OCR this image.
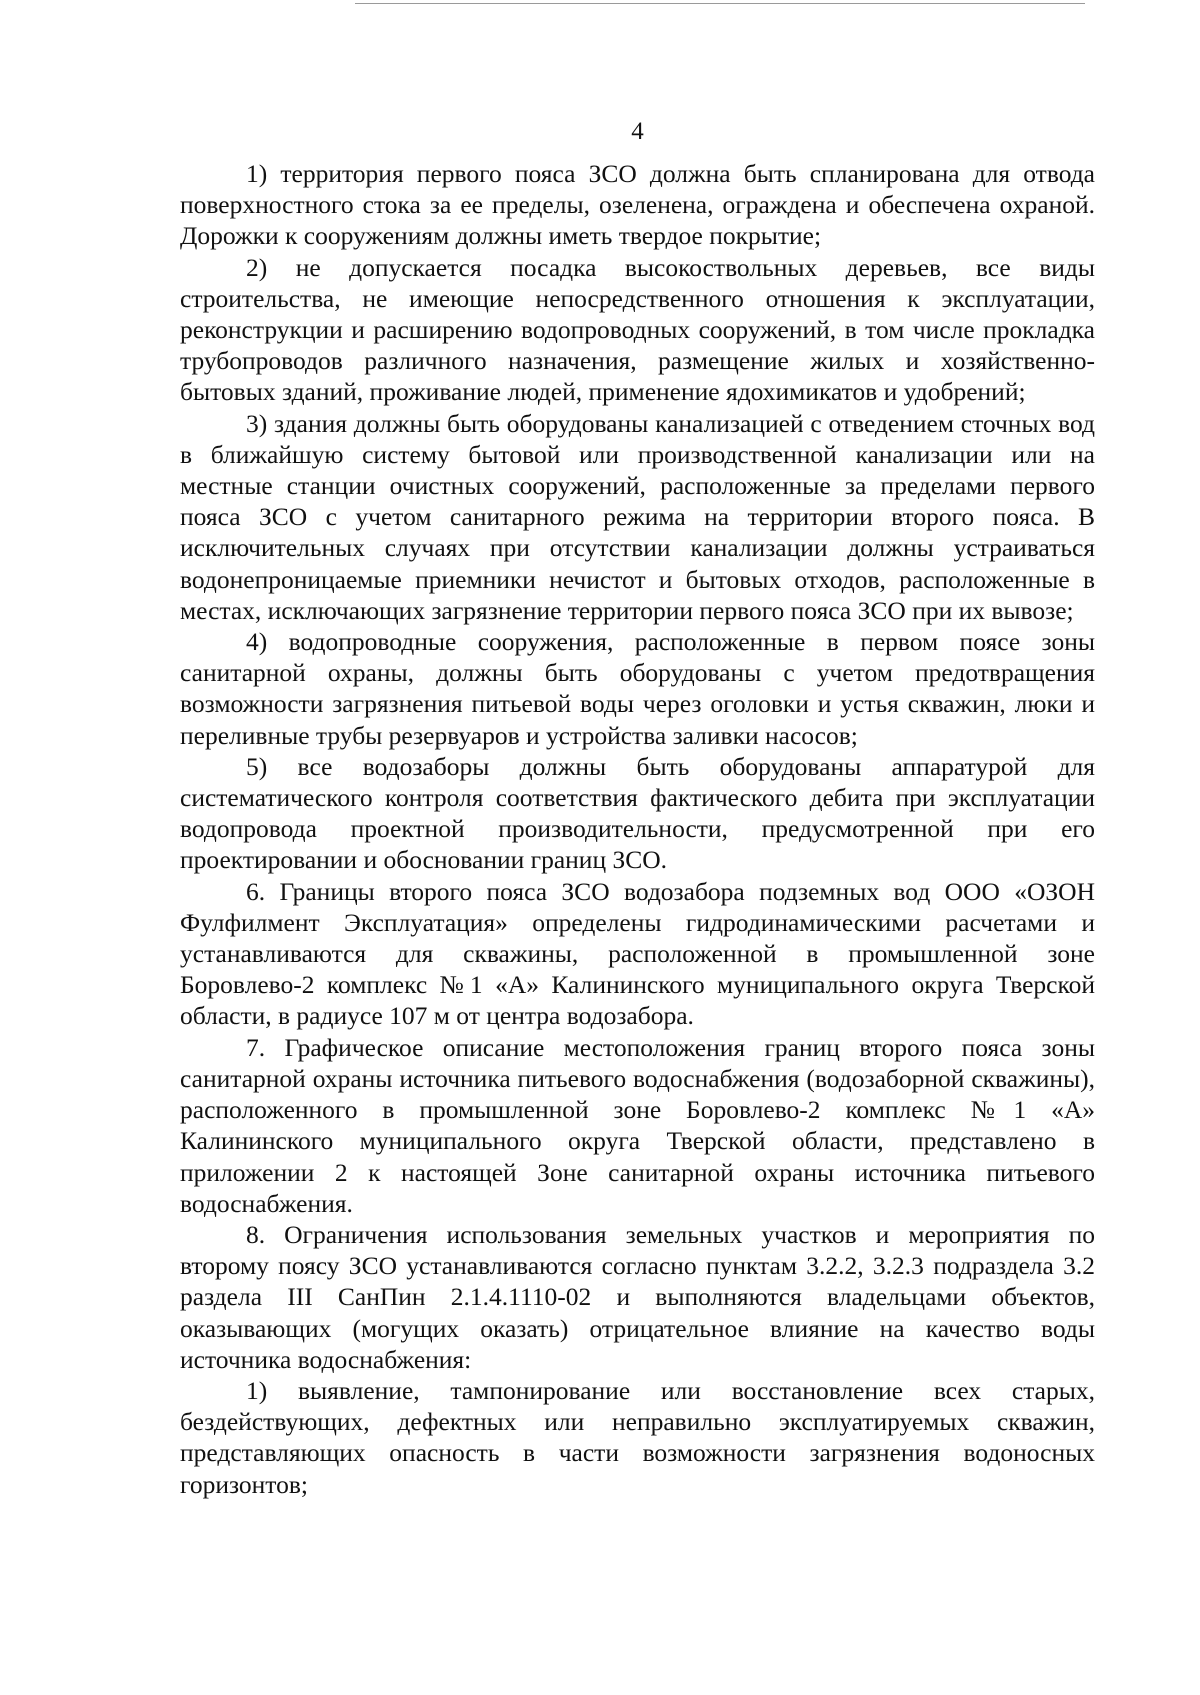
4

1) территория первого пояса ЗСО должна быть спланирована для отвода поверхностного стока за ее пределы, озеленена, ограждена и обеспечена охраной. Дорожки к сооружениям должны иметь твердое покрытие;

2) не допускается посадка высокоствольных деревьев, все виды строительства, не имеющие непосредственного отношения к эксплуатации, реконструкции и расширению водопроводных сооружений, в том числе прокладка трубопроводов различного назначения, размещение жилых и хозяйственно-бытовых зданий, проживание людей, применение ядохимикатов и удобрений;

3) здания должны быть оборудованы канализацией с отведением сточных вод в ближайшую систему бытовой или производственной канализации или на местные станции очистных сооружений, расположенные за пределами первого пояса ЗСО с учетом санитарного режима на территории второго пояса. В исключительных случаях при отсутствии канализации должны устраиваться водонепроницаемые приемники нечистот и бытовых отходов, расположенные в местах, исключающих загрязнение территории первого пояса ЗСО при их вывозе;

4) водопроводные сооружения, расположенные в первом поясе зоны санитарной охраны, должны быть оборудованы с учетом предотвращения возможности загрязнения питьевой воды через оголовки и устья скважин, люки и переливные трубы резервуаров и устройства заливки насосов;

5) все водозаборы должны быть оборудованы аппаратурой для систематического контроля соответствия фактического дебита при эксплуатации водопровода проектной производительности, предусмотренной при его проектировании и обосновании границ ЗСО.

6. Границы второго пояса ЗСО водозабора подземных вод ООО «ОЗОН Фулфилмент Эксплуатация» определены гидродинамическими расчетами и устанавливаются для скважины, расположенной в промышленной зоне Боровлево-2 комплекс №1 «А» Калининского муниципального округа Тверской области, в радиусе 107 м от центра водозабора.

7. Графическое описание местоположения границ второго пояса зоны санитарной охраны источника питьевого водоснабжения (водозаборной скважины), расположенного в промышленной зоне Боровлево-2 комплекс №1 «А» Калининского муниципального округа Тверской области, представлено в приложении 2 к настоящей Зоне санитарной охраны источника питьевого водоснабжения.

8. Ограничения использования земельных участков и мероприятия по второму поясу ЗСО устанавливаются согласно пунктам 3.2.2, 3.2.3 подраздела 3.2 раздела III СанПин 2.1.4.1110-02 и выполняются владельцами объектов, оказывающих (могущих оказать) отрицательное влияние на качество воды источника водоснабжения:

1) выявление, тампонирование или восстановление всех старых, бездействующих, дефектных или неправильно эксплуатируемых скважин, представляющих опасность в части возможности загрязнения водоносных горизонтов;
